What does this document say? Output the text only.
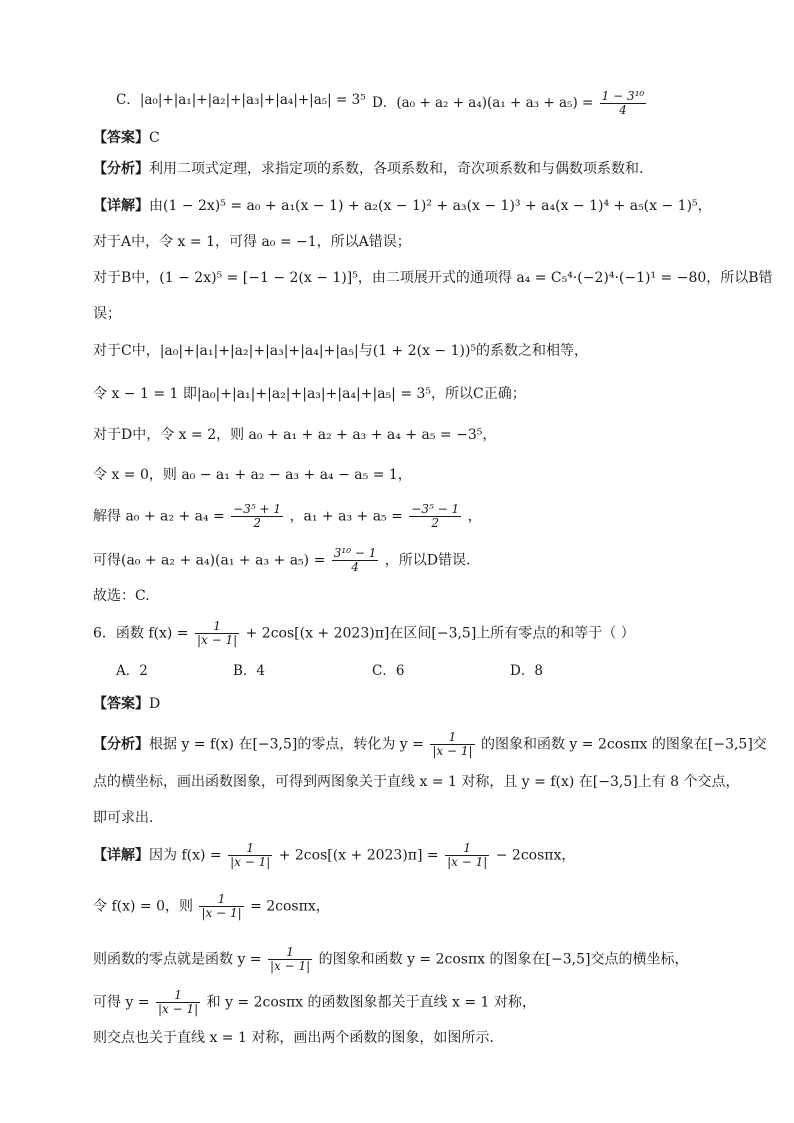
C．|a₀|+|a₁|+|a₂|+|a₃|+|a₄|+|a₅| = 3⁵ D．$(a_0 + a_2 + a_4)(a_1 + a_3 + a_5) = \frac{\text{1 − 3¹⁰}}{4}$
【答案】C
【分析】利用二项式定理，求指定项的系数，各项系数和，奇次项系数和与偶数项系数和.
【详解】由(1 − 2x)⁵ = a₀ + a₁(x − 1) + a₂(x − 1)² + a₃(x − 1)³ + a₄(x − 1)⁴ + a₅(x − 1)⁵，
对于A中，令 x = 1，可得 a₀ = −1，所以A错误；
对于B中，(1 − 2x)⁵ = [−1 − 2(x − 1)]⁵，由二项展开式的通项得 a₄ = C₅⁴·(−2)⁴·(−1)¹ = −80，所以B错
误；
对于C中，|a₀|+|a₁|+|a₂|+|a₃|+|a₄|+|a₅|与(1 + 2(x − 1))⁵的系数之和相等，
令 x − 1 = 1 即|a₀|+|a₁|+|a₂|+|a₃|+|a₄|+|a₅| = 3⁵，所以C正确；
对于D中，令 x = 2，则 a₀ + a₁ + a₂ + a₃ + a₄ + a₅ = −3⁵，
令 x = 0，则 a₀ − a₁ + a₂ − a₃ + a₄ − a₅ = 1，
解得 $a_0 + a_2 + a_4 = \frac{\text{−3⁵ + 1}}{2}$ ，$a_1 + a_3 + a_5 = \frac{\text{−3⁵ − 1}}{2}$ ，
可得$(a_0 + a_2 + a_4)(a_1 + a_3 + a_5) = \frac{\text{3¹⁰ − 1}}{4}$ ，所以D错误.
故选：C.
6．函数 $f(x) = \frac{1}{|x - 1|} + 2\cos[(x + 2023)\pi]$在区间[−3,5]上所有零点的和等于（ ）
A．2	B．4	C．6	D．8
【答案】D
【分析】根据 y = f(x) 在[−3,5]的零点，转化为 $y = \frac{1}{|x - 1|}$ 的图象和函数 y = 2cosπx 的图象在[−3,5]交
点的横坐标，画出函数图象，可得到两图象关于直线 x = 1 对称，且 y = f(x) 在[−3,5]上有 8 个交点，
即可求出.
【详解】因为 $f(x) = \frac{1}{|x - 1|} + 2\cos[(x + 2023)\pi] = \frac{1}{|x - 1|} - 2\cos\pi x$，
令 f(x) = 0，则 $\frac{1}{|x - 1|} = 2\cos\pi x$，
则函数的零点就是函数 $y = \frac{1}{|x - 1|}$ 的图象和函数 y = 2cosπx 的图象在[−3,5]交点的横坐标，
可得 $y = \frac{1}{|x - 1|}$ 和 y = 2cosπx 的函数图象都关于直线 x = 1 对称，
则交点也关于直线 x = 1 对称，画出两个函数的图象，如图所示.
